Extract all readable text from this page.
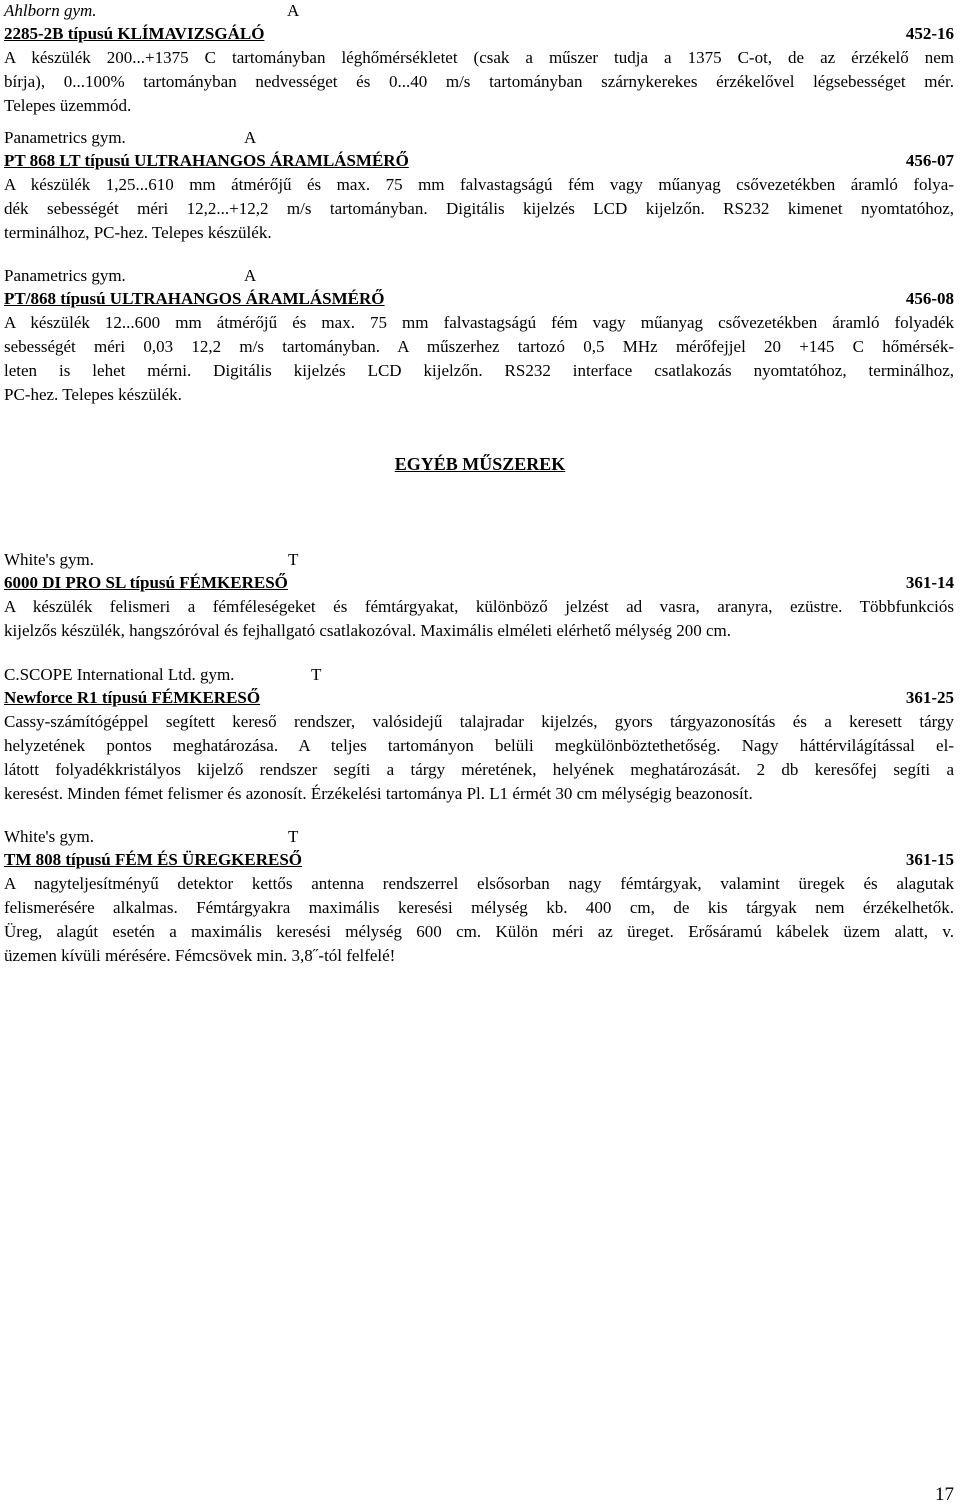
Ahlborn gym.	A
2285-2B típusú KLÍMAVIZSGÁLÓ	452-16
A készülék 200...+1375 C tartományban léghőmérsékletet (csak a műszer tudja a 1375 C-ot, de az érzékelő nem
bírja), 0...100% tartományban nedvességet és 0...40 m/s tartományban szárnykerekes érzékelővel légsebességet mér.
Telepes üzemmód.
Panametrics gym.	A
PT 868 LT típusú ULTRAHANGOS ÁRAMLÁSMÉRŐ	456-07
A készülék 1,25...610 mm átmérőjű és max. 75 mm falvastagságú fém vagy műanyag csővezetékben áramló folya-
dék sebességét méri 12,2...+12,2 m/s tartományban. Digitális kijelzés LCD kijelzőn. RS232 kimenet nyomtatóhoz,
terminálhoz, PC-hez. Telepes készülék.
Panametrics gym.	A
PT/868 típusú ULTRAHANGOS ÁRAMLÁSMÉRŐ	456-08
A készülék 12...600 mm átmérőjű és max. 75 mm falvastagságú fém vagy műanyag csővezetékben áramló folyadék
sebességét méri 0,03 12,2 m/s tartományban. A műszerhez tartozó 0,5 MHz mérőfejjel 20 +145 C hőmérsék-
leten is lehet mérni. Digitális kijelzés LCD kijelzőn. RS232 interface csatlakozás nyomtatóhoz, terminálhoz,
PC-hez. Telepes készülék.
White's gym.	T
6000 DI PRO SL típusú FÉMKERESŐ	361-14
A készülék felismeri a fémféleségeket és fémtárgyakat, különböző jelzést ad vasra, aranyra, ezüstre. Többfunkciós
kijelzős készülék, hangszóróval és fejhallgató csatlakozóval. Maximális elméleti elérhető mélység 200 cm.
C.SCOPE International Ltd. gym.	T
Newforce R1 típusú FÉMKERESŐ	361-25
Cassy-számítógéppel segített kereső rendszer, valósidejű talajradar kijelzés, gyors tárgyazonosítás és a keresett tárgy
helyzetének pontos meghatározása. A teljes tartományon belüli megkülönböztethetőség. Nagy háttérvilágítással el-
látott folyadékkristályos kijelző rendszer segíti a tárgy méretének, helyének meghatározását. 2 db keresőfej segíti a
keresést. Minden fémet felismer és azonosít. Érzékelési tartománya Pl. L1 érmét 30 cm mélységig beazonosít.
White's gym.	T
TM 808 típusú FÉM ÉS ÜREGKERESŐ	361-15
A nagyteljesítményű detektor kettős antenna rendszerrel elsősorban nagy fémtárgyak, valamint üregek és alagutak
felismerésére alkalmas. Fémtárgyakra maximális keresési mélység kb. 400 cm, de kis tárgyak nem érzékelhetők.
Üreg, alagút esetén a maximális keresési mélység 600 cm. Külön méri az üreget. Erősáramú kábelek üzem alatt, v.
üzemen kívüli mérésére. Fémcsövek min. 3,8˝-tól felfelé!
EGYÉB MŰSZEREK
17
